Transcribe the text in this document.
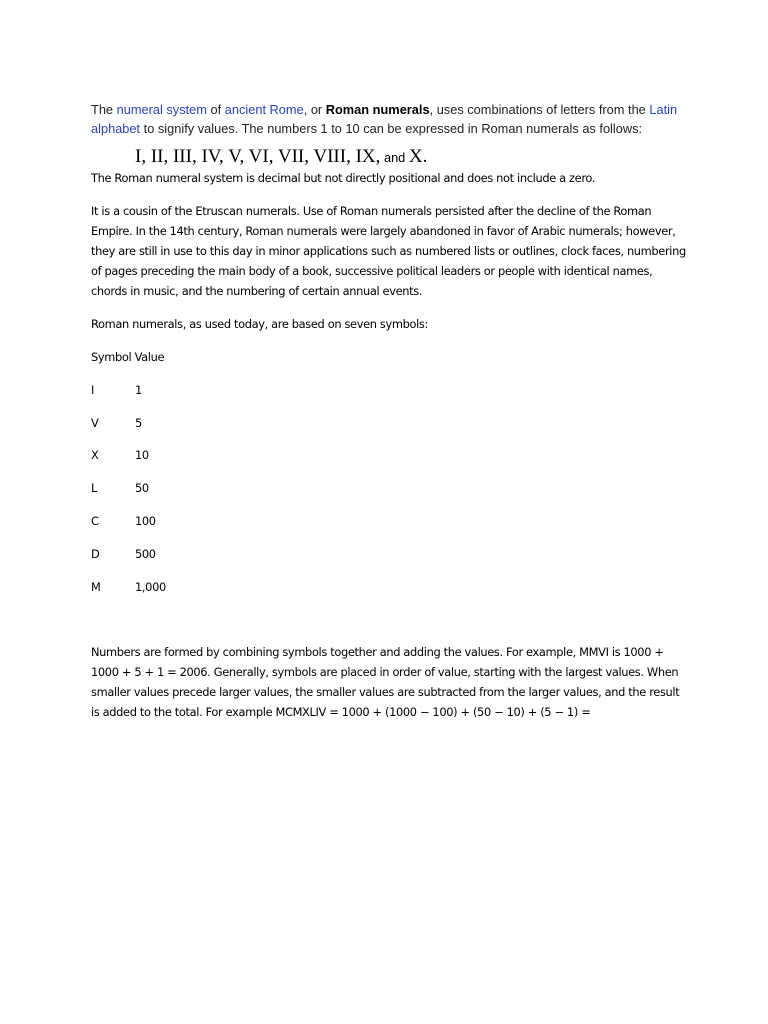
The numeral system of ancient Rome, or Roman numerals, uses combinations of letters from the Latin alphabet to signify values. The numbers 1 to 10 can be expressed in Roman numerals as follows:

I, II, III, IV, V, VI, VII, VIII, IX, and X.

The Roman numeral system is decimal but not directly positional and does not include a zero.

It is a cousin of the Etruscan numerals. Use of Roman numerals persisted after the decline of the Roman Empire. In the 14th century, Roman numerals were largely abandoned in favor of Arabic numerals; however, they are still in use to this day in minor applications such as numbered lists or outlines, clock faces, numbering of pages preceding the main body of a book, successive political leaders or people with identical names, chords in music, and the numbering of certain annual events.

Roman numerals, as used today, are based on seven symbols:

Symbol Value

I	1
V	5
X	10
L	50
C	100
D	500
M	1,000

Numbers are formed by combining symbols together and adding the values. For example, MMVI is 1000 + 1000 + 5 + 1 = 2006. Generally, symbols are placed in order of value, starting with the largest values. When smaller values precede larger values, the smaller values are subtracted from the larger values, and the result is added to the total. For example MCMXLIV = 1000 + (1000 − 100) + (50 − 10) + (5 − 1) =
